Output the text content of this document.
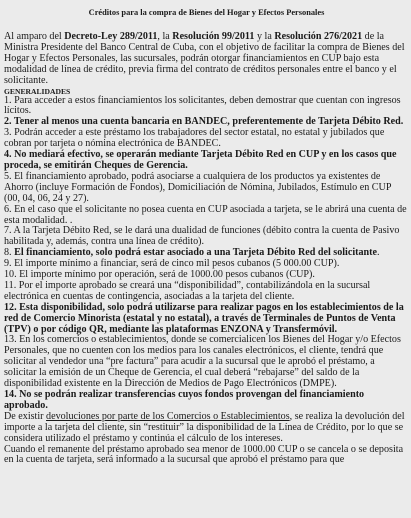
Créditos para la compra de Bienes del Hogar y Efectos Personales

Al amparo del Decreto-Ley 289/2011, la Resolución 99/2011 y la Resolución 276/2021 de la Ministra Presidente del Banco Central de Cuba, con el objetivo de facilitar la compra de Bienes del Hogar y Efectos Personales, las sucursales, podrán otorgar financiamientos en CUP bajo esta modalidad de línea de crédito, previa firma del contrato de créditos personales entre el banco y el solicitante.

GENERALIDADES

1. Para acceder a estos financiamientos los solicitantes, deben demostrar que cuentan con ingresos lícitos.

2. Tener al menos una cuenta bancaria en BANDEC, preferentemente de Tarjeta Débito Red.

3. Podrán acceder a este préstamo los trabajadores del sector estatal, no estatal y jubilados que cobran por tarjeta o nómina electrónica de BANDEC.

4. No mediará efectivo, se operarán mediante Tarjeta Débito Red en CUP y en los casos que proceda, se emitirán Cheques de Gerencia.

5. El financiamiento aprobado, podrá asociarse a cualquiera de los productos ya existentes de Ahorro (incluye Formación de Fondos), Domiciliación de Nómina, Jubilados, Estímulo en CUP (00, 04, 06, 24 y 27).

6. En el caso que el solicitante no posea cuenta en CUP asociada a tarjeta, se le abrirá una cuenta de esta modalidad. .

7. A la Tarjeta Débito Red, se le dará una dualidad de funciones (débito contra la cuenta de Pasivo habilitada y, además, contra una línea de crédito).

8. El financiamiento, solo podrá estar asociado a una Tarjeta Débito Red del solicitante.

9. El importe mínimo a financiar, será de cinco mil pesos cubanos (5 000.00 CUP).

10. El importe mínimo por operación, será de 1000.00 pesos cubanos (CUP).

11. Por el importe aprobado se creará una “disponibilidad”, contabilizándola en la sucursal electrónica en cuentas de contingencia, asociadas a la tarjeta del cliente.

12. Esta disponibilidad, solo podrá utilizarse para realizar pagos en los establecimientos de la red de Comercio Minorista (estatal y no estatal), a través de Terminales de Puntos de Venta (TPV) o por código QR, mediante las plataformas ENZONA y Transfermóvil.

13. En los comercios o establecimientos, donde se comercialicen los Bienes del Hogar y/o Efectos Personales, que no cuenten con los medios para los canales electrónicos, el cliente, tendrá que solicitar al vendedor una “pre factura” para acudir a la sucursal que le aprobó el préstamo, a solicitar la emisión de un Cheque de Gerencia, el cual deberá “rebajarse” del saldo de la disponibilidad existente en la Dirección de Medios de Pago Electrónicos (DMPE).

14. No se podrán realizar transferencias cuyos fondos provengan del financiamiento aprobado.

De existir devoluciones por parte de los Comercios o Establecimientos, se realiza la devolución del importe a la tarjeta del cliente, sin “restituir” la disponibilidad de la Línea de Crédito, por lo que se considera utilizado el préstamo y continúa el cálculo de los intereses.

Cuando el remanente del préstamo aprobado sea menor de 1000.00 CUP o se cancela o se deposita en la cuenta de tarjeta, será informado a la sucursal que aprobó el préstamo para que
